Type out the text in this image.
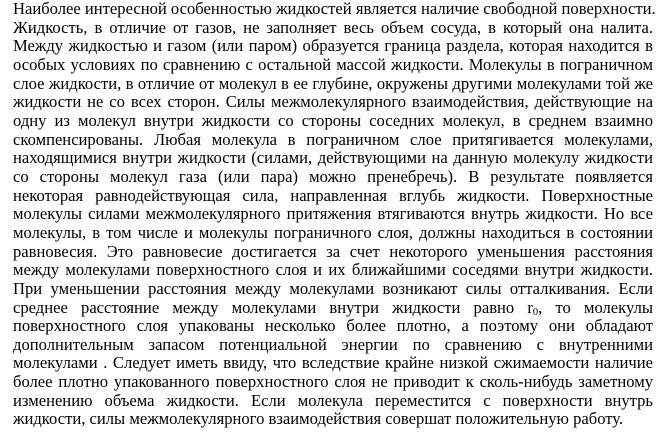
Наиболее интересной особенностью жидкостей является наличие свободной поверхности.
Жидкость, в отличие от газов, не заполняет весь объем сосуда, в который она налита.
Между жидкостью и газом (или паром) образуется граница раздела, которая находится в
особых условиях по сравнению с остальной массой жидкости. Молекулы в пограничном
слое жидкости, в отличие от молекул в ее глубине, окружены другими молекулами той же
жидкости не со всех сторон. Силы межмолекулярного взаимодействия, действующие на
одну из молекул внутри жидкости со стороны соседних молекул, в среднем взаимно
скомпенсированы. Любая молекула в пограничном слое притягивается молекулами,
находящимися внутри жидкости (силами, действующими на данную молекулу жидкости
со стороны молекул газа (или пара) можно пренебречь). В результате появляется
некоторая равнодействующая сила, направленная вглубь жидкости. Поверхностные
молекулы силами межмолекулярного притяжения втягиваются внутрь жидкости. Но все
молекулы, в том числе и молекулы пограничного слоя, должны находиться в состоянии
равновесия. Это равновесие достигается за счет некоторого уменьшения расстояния
между молекулами поверхностного слоя и их ближайшими соседями внутри жидкости.
При уменьшении расстояния между молекулами возникают силы отталкивания. Если
среднее расстояние между молекулами внутри жидкости равно $r_0$, то молекулы
поверхностного слоя упакованы несколько более плотно, а поэтому они обладают
дополнительным запасом потенциальной энергии по сравнению с внутренними
молекулами . Следует иметь ввиду, что вследствие крайне низкой сжимаемости наличие
более плотно упакованного поверхностного слоя не приводит к сколь-нибудь заметному
изменению объема жидкости. Если молекула переместится с поверхности внутрь
жидкости, силы межмолекулярного взаимодействия совершат положительную работу.
